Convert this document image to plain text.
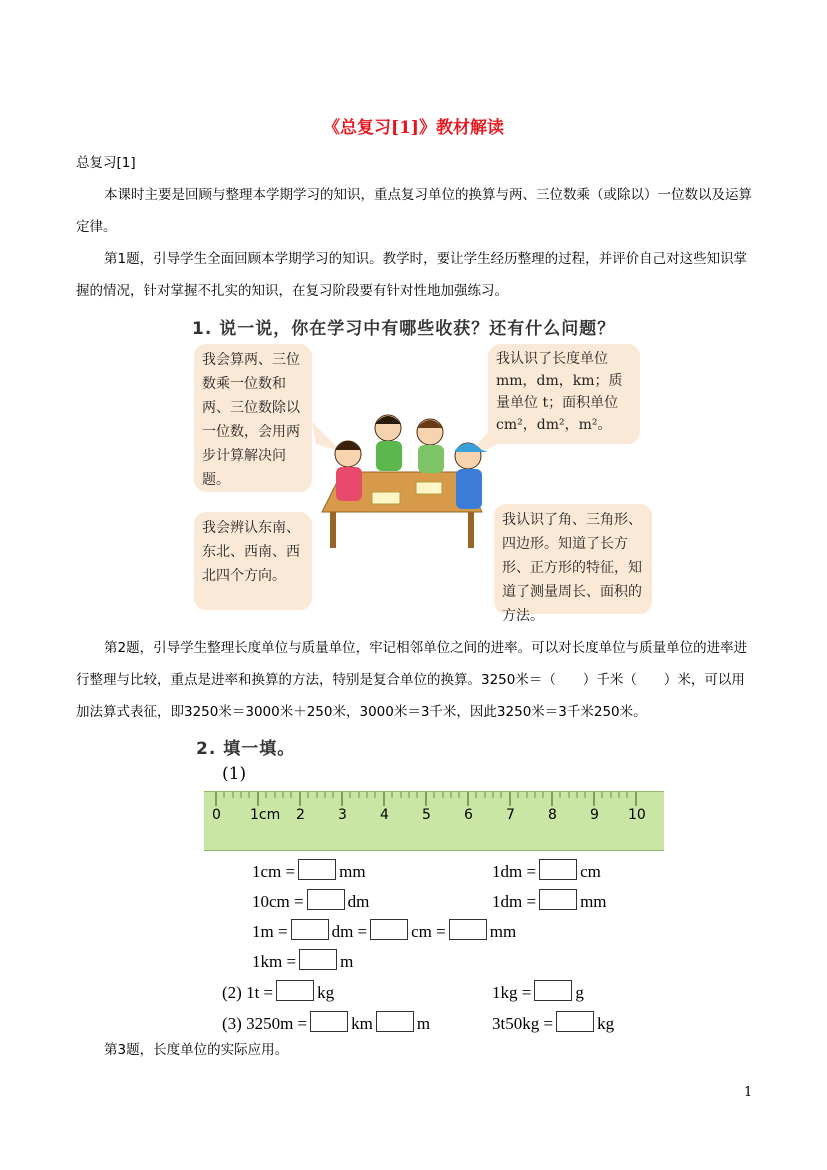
《总复习[1]》教材解读

总复习[1]

本课时主要是回顾与整理本学期学习的知识，重点复习单位的换算与两、三位数乘（或除以）一位数以及运算定律。

第1题，引导学生全面回顾本学期学习的知识。教学时，要让学生经历整理的过程，并评价自己对这些知识掌握的情况，针对掌握不扎实的知识，在复习阶段要有针对性地加强练习。

1. 说一说，你在学习中有哪些收获？还有什么问题？
我会算两、三位数乘一位数和两、三位数除以一位数，会用两步计算解决问题。
我会辨认东南、东北、西南、西北四个方向。
我认识了长度单位
mm，dm，km；质
量单位 t；面积单位
cm²，dm²，m²。
我认识了角、三角形、四边形。知道了长方形、正方形的特征，知道了测量周长、面积的方法。

第2题，引导学生整理长度单位与质量单位，牢记相邻单位之间的进率。可以对长度单位与质量单位的进率进行整理与比较，重点是进率和换算的方法，特别是复合单位的换算。3250米＝（　　）千米（　　）米，可以用加法算式表征，即3250米＝3000米＋250米，3000米＝3千米，因此3250米＝3千米250米。

2. 填一填。
(1)
0 1cm 2 3 4 5 6 7 8 9 10
1cm =	mm	1dm =	cm
10cm =	dm	1dm =	mm
1m =	dm =	cm =	mm
1km =	m
(2) 1t =	kg	1kg =	g
(3) 3250m =	km	m	3t50kg =	kg

第3题，长度单位的实际应用。

1
